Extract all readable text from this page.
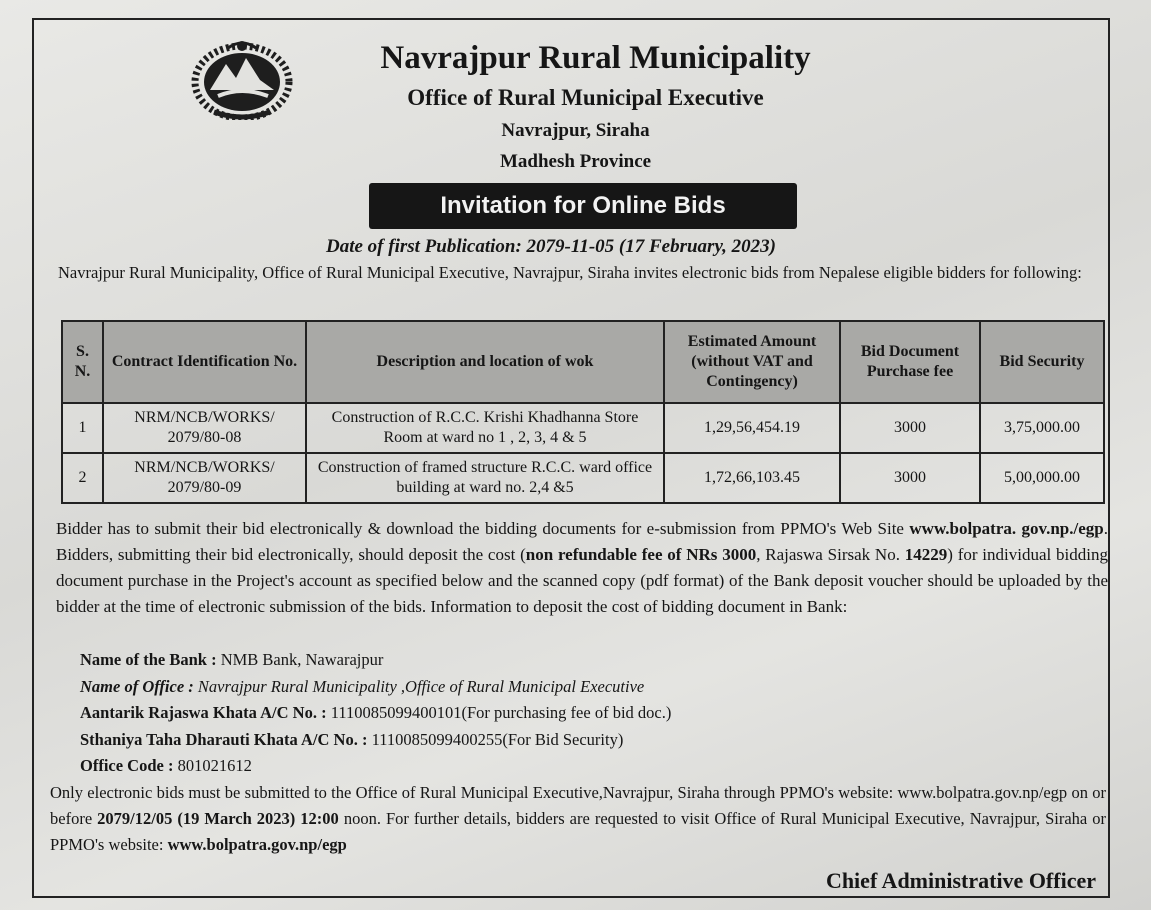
Navrajpur Rural Municipality
Office of Rural Municipal Executive
Navrajpur, Siraha
Madhesh Province
Invitation for Online Bids
Date of first Publication: 2079-11-05 (17 February, 2023)
Navrajpur Rural Municipality, Office of Rural Municipal Executive, Navrajpur, Siraha invites electronic bids from Nepalese eligible bidders for following:
S. N.	Contract Identification No.	Description and location of wok	Estimated Amount (without VAT and Contingency)	Bid Document Purchase fee	Bid Security
1	NRM/NCB/WORKS/ 2079/80-08	Construction of R.C.C. Krishi Khadhanna Store Room at ward no 1 , 2, 3, 4 & 5	1,29,56,454.19	3000	3,75,000.00
2	NRM/NCB/WORKS/ 2079/80-09	Construction of framed structure R.C.C. ward office building at ward no. 2,4 &5	1,72,66,103.45	3000	5,00,000.00
Bidder has to submit their bid electronically & download the bidding documents for e-submission from PPMO's Web Site www.bolpatra. gov.np./egp. Bidders, submitting their bid electronically, should deposit the cost (non refundable fee of NRs 3000, Rajaswa Sirsak No. 14229) for individual bidding document purchase in the Project's account as specified below and the scanned copy (pdf format) of the Bank deposit voucher should be uploaded by the bidder at the time of electronic submission of the bids. Information to deposit the cost of bidding document in Bank:
Name of the Bank : NMB Bank, Nawarajpur
Name of Office : Navrajpur Rural Municipality ,Office of Rural Municipal Executive
Aantarik Rajaswa Khata A/C No. : 1110085099400101(For purchasing fee of bid doc.)
Sthaniya Taha Dharauti Khata A/C No. : 1110085099400255(For Bid Security)
Office Code : 801021612
Only electronic bids must be submitted to the Office of Rural Municipal Executive,Navrajpur, Siraha through PPMO's website: www.bolpatra.gov.np/egp on or before 2079/12/05 (19 March 2023) 12:00 noon. For further details, bidders are requested to visit Office of Rural Municipal Executive, Navrajpur, Siraha or PPMO's website: www.bolpatra.gov.np/egp
Chief Administrative Officer
